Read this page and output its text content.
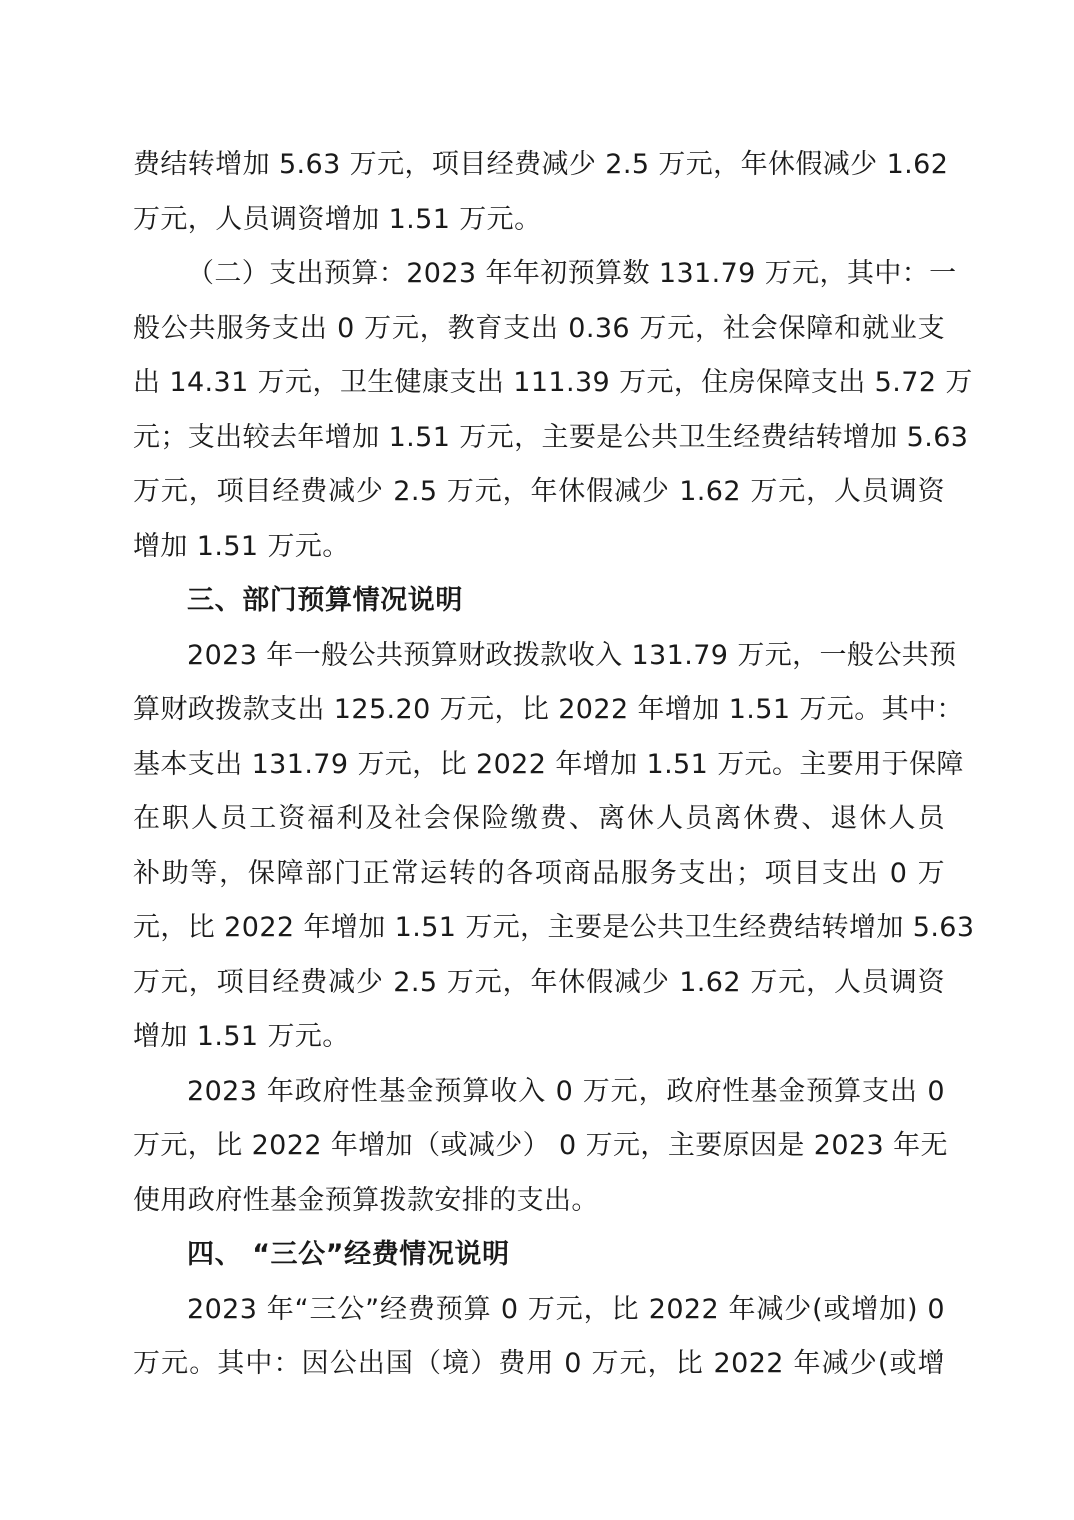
费结转增加 5.63 万元，项目经费减少 2.5 万元，年休假减少 1.62
万元，人员调资增加 1.51 万元。
（二）支出预算：2023 年年初预算数 131.79 万元，其中：一
般公共服务支出 0 万元，教育支出 0.36 万元，社会保障和就业支
出 14.31 万元，卫生健康支出 111.39 万元，住房保障支出 5.72 万
元；支出较去年增加 1.51 万元，主要是公共卫生经费结转增加 5.63
万元，项目经费减少 2.5 万元，年休假减少 1.62 万元，人员调资
增加 1.51 万元。
三、部门预算情况说明
2023 年一般公共预算财政拨款收入 131.79 万元，一般公共预
算财政拨款支出 125.20 万元，比 2022 年增加 1.51 万元。其中：
基本支出 131.79 万元，比 2022 年增加 1.51 万元。主要用于保障
在职人员工资福利及社会保险缴费、离休人员离休费、退休人员
补助等，保障部门正常运转的各项商品服务支出；项目支出 0 万
元，比 2022 年增加 1.51 万元，主要是公共卫生经费结转增加 5.63
万元，项目经费减少 2.5 万元，年休假减少 1.62 万元，人员调资
增加 1.51 万元。
2023 年政府性基金预算收入 0 万元，政府性基金预算支出 0
万元，比 2022 年增加（或减少） 0 万元，主要原因是 2023 年无
使用政府性基金预算拨款安排的支出。
四、 “三公”经费情况说明
2023 年“三公”经费预算 0 万元，比 2022 年减少(或增加) 0
万元。其中：因公出国（境）费用 0 万元，比 2022 年减少(或增
